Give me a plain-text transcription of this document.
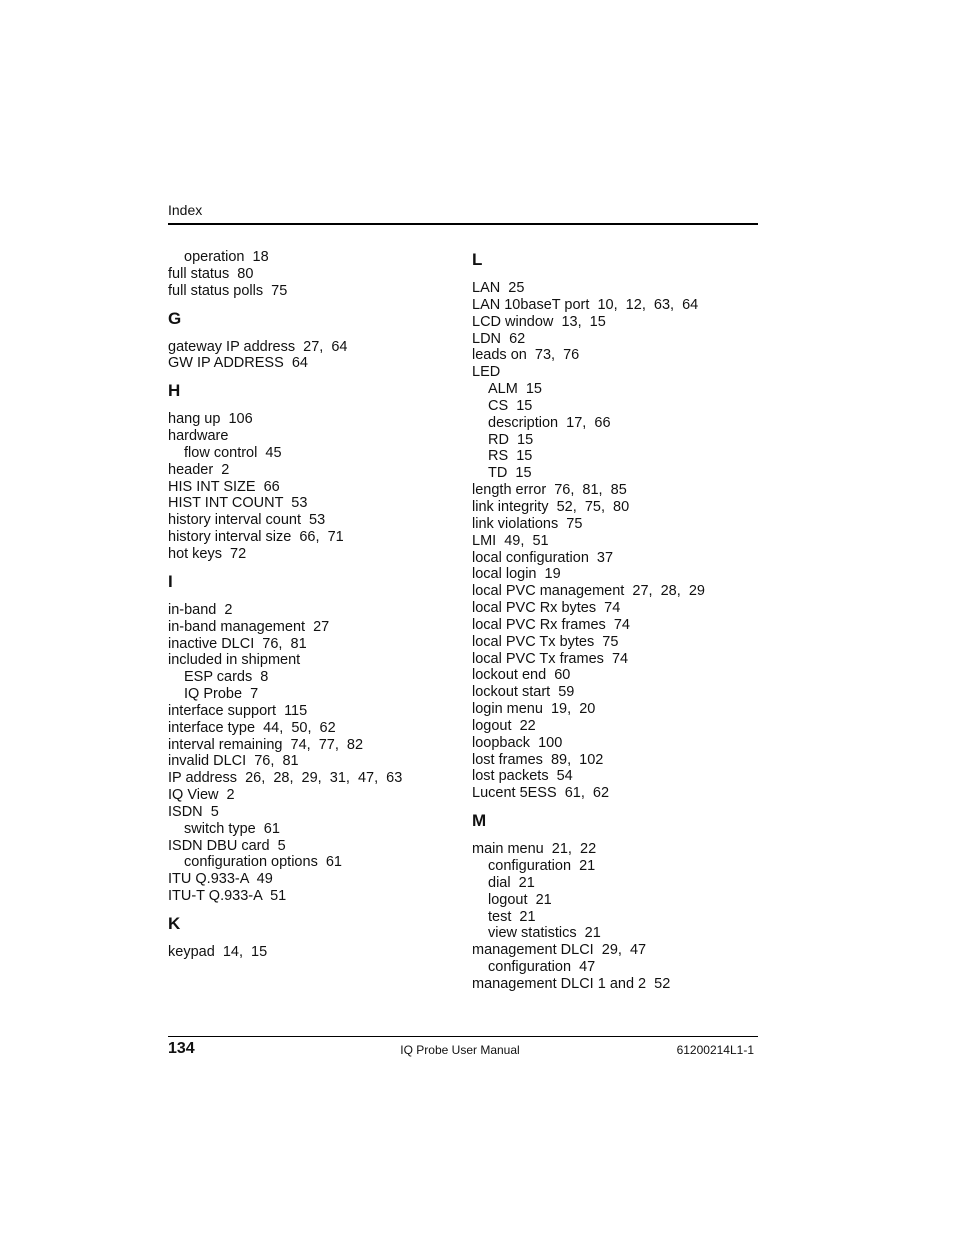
Index
operation  18
full status  80
full status polls  75
G
gateway IP address  27,  64
GW IP ADDRESS  64
H
hang up  106
hardware
flow control  45
header  2
HIS INT SIZE  66
HIST INT COUNT  53
history interval count  53
history interval size  66,  71
hot keys  72
I
in-band  2
in-band management  27
inactive DLCI  76,  81
included in shipment
ESP cards  8
IQ Probe  7
interface support  115
interface type  44,  50,  62
interval remaining  74,  77,  82
invalid DLCI  76,  81
IP address  26,  28,  29,  31,  47,  63
IQ View  2
ISDN  5
switch type  61
ISDN DBU card  5
configuration options  61
ITU Q.933-A  49
ITU-T Q.933-A  51
K
keypad  14,  15
L
LAN  25
LAN 10baseT port  10,  12,  63,  64
LCD window  13,  15
LDN  62
leads on  73,  76
LED
ALM  15
CS  15
description  17,  66
RD  15
RS  15
TD  15
length error  76,  81,  85
link integrity  52,  75,  80
link violations  75
LMI  49,  51
local configuration  37
local login  19
local PVC management  27,  28,  29
local PVC Rx bytes  74
local PVC Rx frames  74
local PVC Tx bytes  75
local PVC Tx frames  74
lockout end  60
lockout start  59
login menu  19,  20
logout  22
loopback  100
lost frames  89,  102
lost packets  54
Lucent 5ESS  61,  62
M
main menu  21,  22
configuration  21
dial  21
logout  21
test  21
view statistics  21
management DLCI  29,  47
configuration  47
management DLCI 1 and 2  52
134	IQ Probe User Manual	61200214L1-1
